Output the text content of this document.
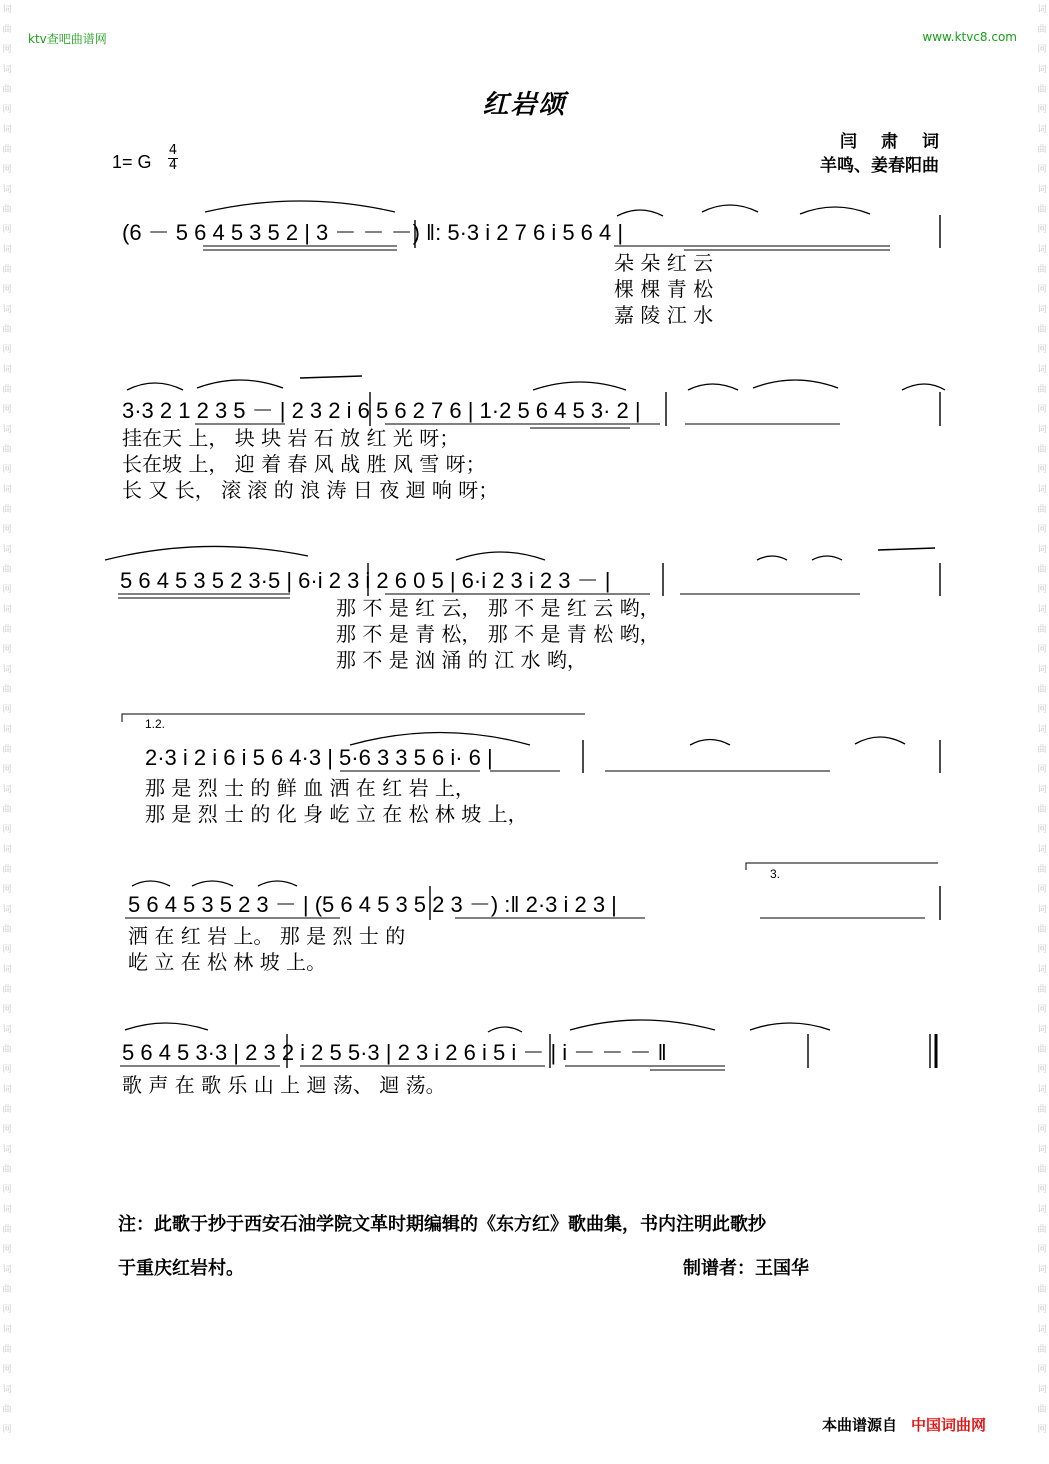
词
曲
网
词
曲
网
词
曲
网
词
曲
网
词
曲
网
词
曲
网
词
曲
网
词
曲
网
词
曲
网
词
曲
网
词
曲
网
词
曲
网
词
曲
网
词
曲
网
词
曲
网
词
曲
网
词
曲
网
词
曲
网
词
曲
网
词
曲
网
词
曲
网
词
曲
网
词
曲
网
词
曲
网
词
曲
网
词
曲
网
词
曲
网
词
曲
网
词
曲
网
词
曲
网
词
曲
网
词
曲
网
词
曲
网
词
曲
网
词
曲
网
词
曲
网
词
曲
网
词
曲
网
词
曲
网
词
曲
网
词
曲
网
词
曲
网
词
曲
网
词
曲
网
词
曲
网
词
曲
网
词
曲
网
词
曲
网
ktv查吧曲谱网	www.ktvc8.com
红岩颂
闫肃词
羊鸣、姜春阳曲
1= G
4
4
(6 － 5 6 4 5 3 5 2 | 3 － － －) ‖: 5·3 i 2 7 6 i 5 6 4 |
朵 朵 红 云
棵 棵 青 松
嘉 陵 江 水
3·3 2 1 2 3 5 － | 2 3 2 i 6 5 6 2 7 6 | 1·2 5 6 4 5 3· 2 |
挂在天 上， 块 块 岩 石 放 红 光 呀；
长在坡 上， 迎 着 春 风 战 胜 风 雪 呀；
长 又 长， 滚 滚 的 浪 涛 日 夜 迴 响 呀；
5 6 4 5 3 5 2 3·5 | 6·i 2 3 i 2 6 0 5 | 6·i 2 3 i 2 3 － |
那 不 是 红 云， 那 不 是 红 云 哟，
那 不 是 青 松， 那 不 是 青 松 哟，
那 不 是 汹 涌 的 江 水 哟，
1.2.
2·3 i 2 i 6 i 5 6 4·3 | 5·6 3 3 5 6 i· 6 |
那 是 烈 士 的 鲜 血 洒 在 红 岩 上，
那 是 烈 士 的 化 身 屹 立 在 松 林 坡 上，
3.
5 6 4 5 3 5 2 3 － | (5 6 4 5 3 5 2 3 －) :‖ 2·3 i 2 3 |
洒 在 红 岩 上。 那 是 烈 士 的
屹 立 在 松 林 坡 上。
5 6 4 5 3·3 | 2 3 2 i 2 5 5·3 | 2 3 i 2 6 i 5 i － | i － － － ‖
歌 声 在 歌 乐 山 上 迴 荡、 迴 荡。
注：此歌于抄于西安石油学院文革时期编辑的《东方红》歌曲集，书内注明此歌抄
于重庆红岩村。	制谱者：王国华
本曲谱源自 中国词曲网
